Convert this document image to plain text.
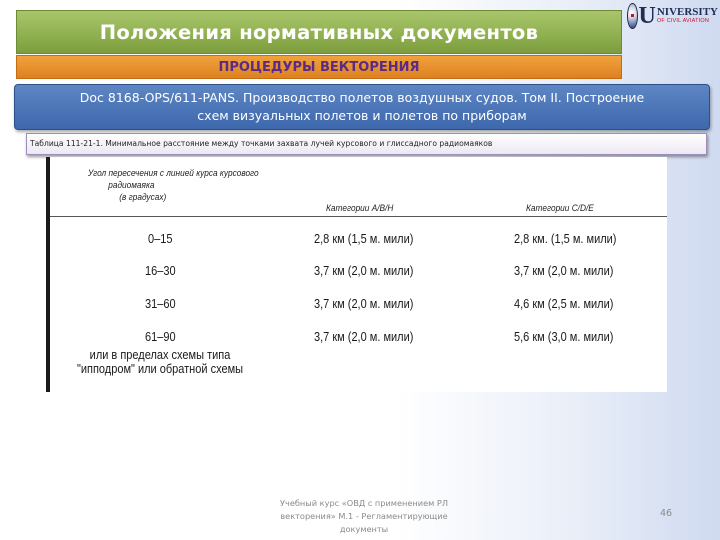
Положения нормативных документов
ПРОЦЕДУРЫ ВЕКТОРЕНИЯ
U NIVERSITY
OF CIVIL AVIATION
Doc 8168-OPS/611-PANS. Производство полетов воздушных судов. Том II. Построение
схем визуальных полетов и полетов по приборам
Таблица 111-21-1. Минимальное расстояние между точками захвата лучей курсового и глиссадного радиомаяков
Угол пересечения с линией курса курсового
радиомаяка
(в градусах)
Категории A/B/H	Категории C/D/E
0–15	2,8 км (1,5 м. мили)	2,8 км. (1,5 м. мили)
16–30	3,7 км (2,0 м. мили)	3,7 км (2,0 м. мили)
31–60	3,7 км (2,0 м. мили)	4,6 км (2,5 м. мили)
61–90	3,7 км (2,0 м. мили)	5,6 км (3,0 м. мили)
или в пределах схемы типа
"ипподром" или обратной схемы
Учебный курс «ОВД с применением РЛ
векторения» М.1 - Регламентирующие
документы
46
